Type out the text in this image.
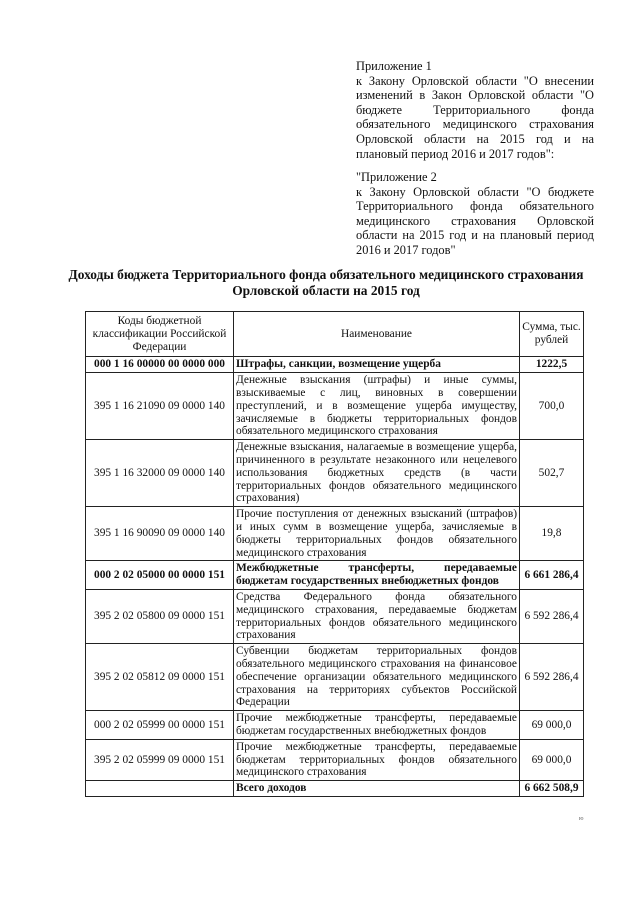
Приложение 1

к Закону Орловской области "О внесении изменений в Закон Орловской области "О бюджете Территориального фонда обязательного медицинского страхования Орловской области на 2015 год и на плановый период 2016 и 2017 годов":

"Приложение 2

к Закону Орловской области "О бюджете Территориального фонда обязательного медицинского страхования Орловской области на 2015 год и на плановый период 2016 и 2017 годов"

Доходы бюджета Территориального фонда обязательного медицинского страхования
Орловской области на 2015 год
Коды бюджетной классификации Российской Федерации	Наименование	Сумма, тыс. рублей
000 1 16 00000 00 0000 000	Штрафы, санкции, возмещение ущерба	1222,5
395 1 16 21090 09 0000 140	Денежные взыскания (штрафы) и иные суммы, взыскиваемые с лиц, виновных в совершении преступлений, и в возмещение ущерба имуществу, зачисляемые в бюджеты территориальных фондов обязательного медицинского страхования	700,0
395 1 16 32000 09 0000 140	Денежные взыскания, налагаемые в возмещение ущерба, причиненного в результате незаконного или нецелевого использования бюджетных средств (в части территориальных фондов обязательного медицинского страхования)	502,7
395 1 16 90090 09 0000 140	Прочие поступления от денежных взысканий (штрафов) и иных сумм в возмещение ущерба, зачисляемые в бюджеты территориальных фондов обязательного медицинского страхования	19,8
000 2 02 05000 00 0000 151	Межбюджетные трансферты, передаваемые бюджетам государственных внебюджетных фондов	6 661 286,4
395 2 02 05800 09 0000 151	Средства Федерального фонда обязательного медицинского страхования, передаваемые бюджетам территориальных фондов обязательного медицинского страхования	6 592 286,4
395 2 02 05812 09 0000 151	Субвенции бюджетам территориальных фондов обязательного медицинского страхования на финансовое обеспечение организации обязательного медицинского страхования на территориях субъектов Российской Федерации	6 592 286,4
000 2 02 05999 00 0000 151	Прочие межбюджетные трансферты, передаваемые бюджетам государственных внебюджетных фондов	69 000,0
395 2 02 05999 09 0000 151	Прочие межбюджетные трансферты, передаваемые бюджетам территориальных фондов обязательного медицинского страхования	69 000,0
	Всего доходов	6 662 508,9
ю
